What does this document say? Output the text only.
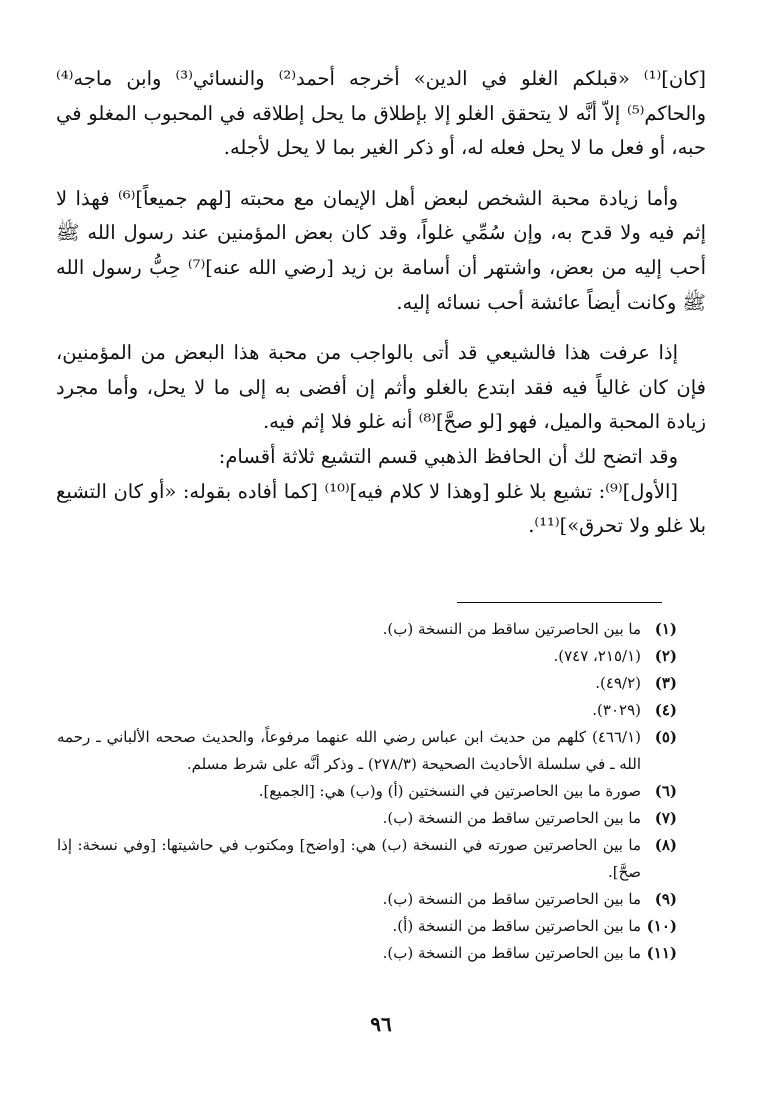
[كان]⁽¹⁾ «قبلكم الغلو في الدين» أخرجه أحمد⁽²⁾ والنسائي⁽³⁾ وابن ماجه⁽⁴⁾ والحاكم⁽⁵⁾ إلاّ أنَّه لا يتحقق الغلو إلا بإطلاق ما يحل إطلاقه في المحبوب المغلو في حبه، أو فعل ما لا يحل فعله له، أو ذكر الغير بما لا يحل لأجله.

وأما زيادة محبة الشخص لبعض أهل الإيمان مع محبته [لهم جميعاً]⁽⁶⁾ فهذا لا إثم فيه ولا قدح به، وإن سُمِّي غلواً، وقد كان بعض المؤمنين عند رسول الله ﷺ أحب إليه من بعض، واشتهر أن أسامة بن زيد [رضي الله عنه]⁽⁷⁾ حِبُّ رسول الله ﷺ وكانت أيضاً عائشة أحب نسائه إليه.

إذا عرفت هذا فالشيعي قد أتى بالواجب من محبة هذا البعض من المؤمنين، فإن كان غالياً فيه فقد ابتدع بالغلو وأثم إن أفضى به إلى ما لا يحل، وأما مجرد زيادة المحبة والميل، فهو [لو صحَّ]⁽⁸⁾ أنه غلو فلا إثم فيه.

وقد اتضح لك أن الحافظ الذهبي قسم التشيع ثلاثة أقسام:

[الأول]⁽⁹⁾: تشيع بلا غلو [وهذا لا كلام فيه]⁽¹⁰⁾ [كما أفاده بقوله: «أو كان التشيع بلا غلو ولا تحرق»]⁽¹¹⁾.

(١)
ما بين الحاصرتين ساقط من النسخة (ب).
(٢)
(٢١٥/١، ٧٤٧).
(٣)
(٤٩/٢).
(٤)
(٣٠٢٩).
(٥)
(٤٦٦/١) كلهم من حديث ابن عباس رضي الله عنهما مرفوعاً، والحديث صححه الألباني ـ رحمه الله ـ في سلسلة الأحاديث الصحيحة (٢٧٨/٣) ـ وذكر أنَّه على شرط مسلم.
(٦)
صورة ما بين الحاصرتين في النسختين (أ) و(ب) هي: [الجميع].
(٧)
ما بين الحاصرتين ساقط من النسخة (ب).
(٨)
ما بين الحاصرتين صورته في النسخة (ب) هي: [واضح] ومكتوب في حاشيتها: [وفي نسخة: إذا صحَّ].
(٩)
ما بين الحاصرتين ساقط من النسخة (ب).
(١٠)
ما بين الحاصرتين ساقط من النسخة (أ).
(١١)
ما بين الحاصرتين ساقط من النسخة (ب).
٩٦
